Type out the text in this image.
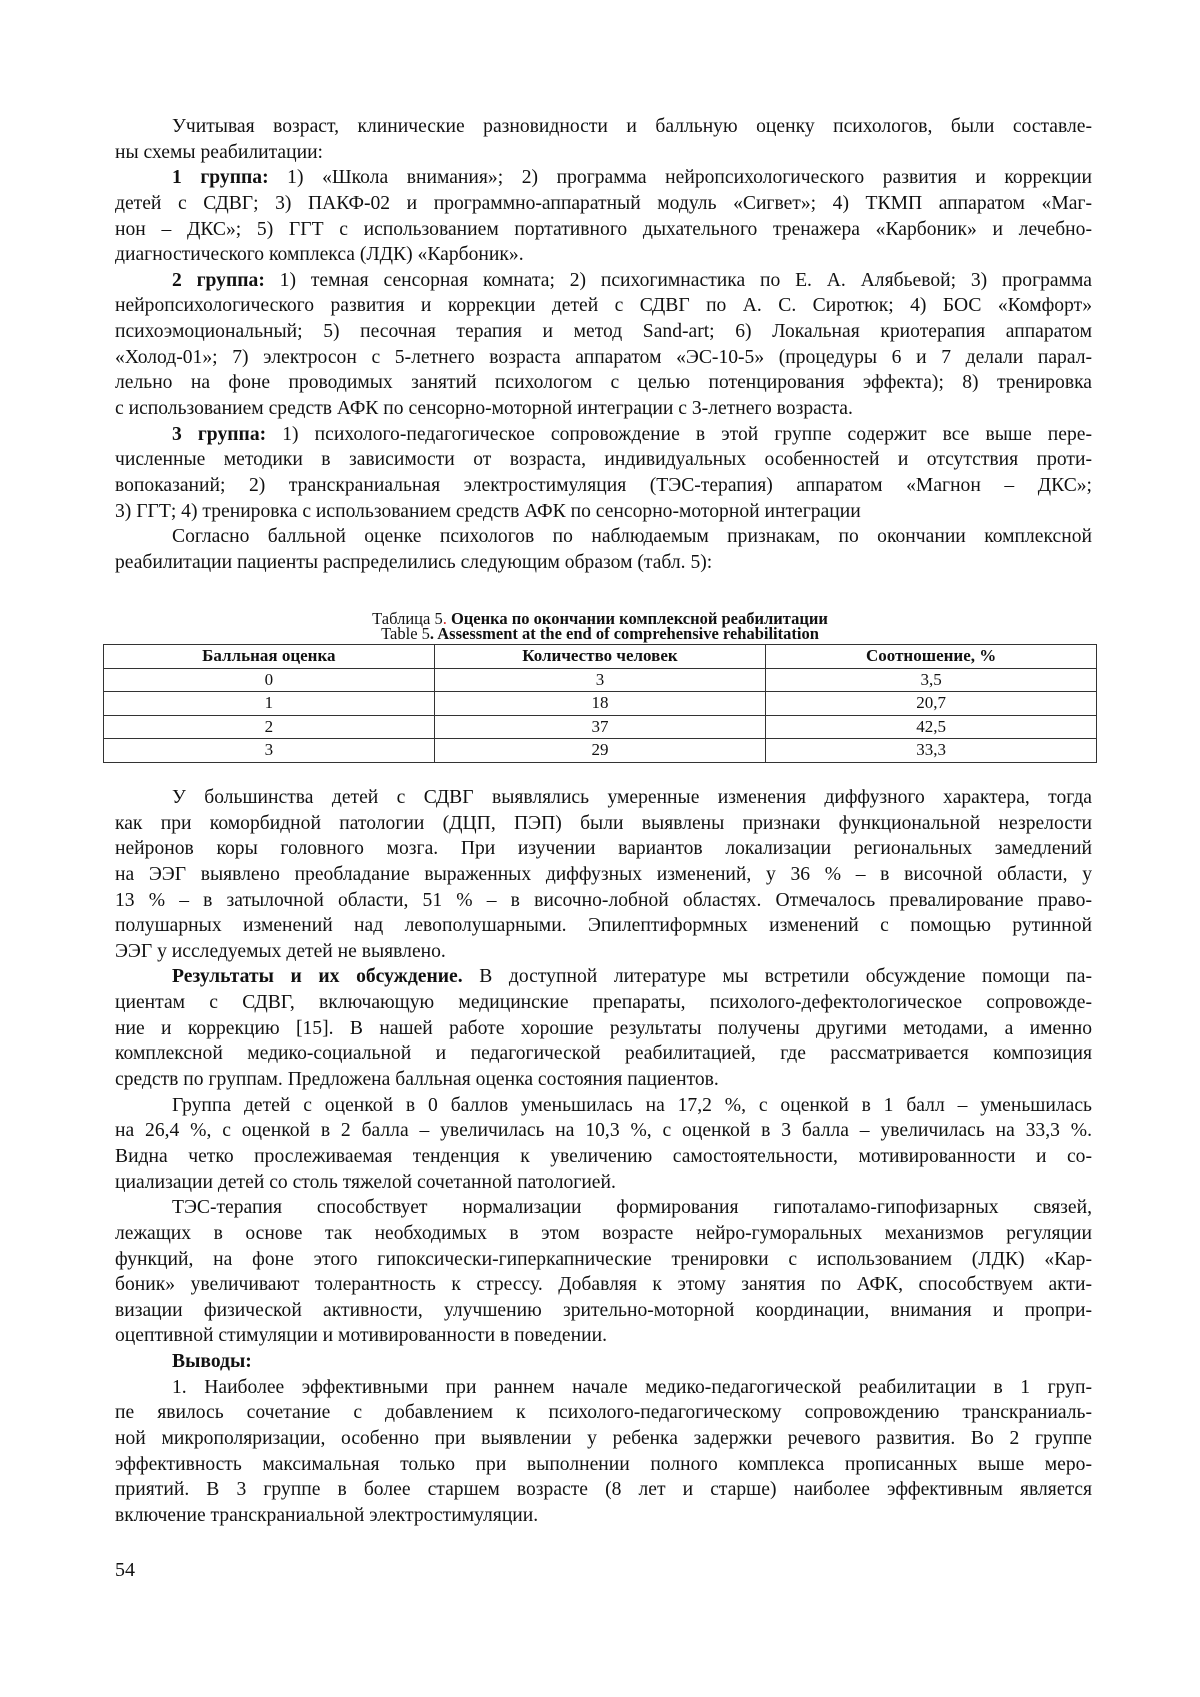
Учитывая возраст, клинические разновидности и балльную оценку психологов, были составле-
ны схемы реабилитации:
1 группа: 1) «Школа внимания»; 2) программа нейропсихологического развития и коррекции
детей с СДВГ; 3) ПАКФ-02 и программно-аппаратный модуль «Сигвет»; 4) ТКМП аппаратом «Маг-
нон – ДКС»; 5) ГГТ с использованием портативного дыхательного тренажера «Карбоник» и лечебно-
диагностического комплекса (ЛДК) «Карбоник».
2 группа: 1) темная сенсорная комната; 2) психогимнастика по Е. А. Алябьевой; 3) программа
нейропсихологического развития и коррекции детей с СДВГ по А. С. Сиротюк; 4) БОС «Комфорт»
психоэмоциональный; 5) песочная терапия и метод Sand-art; 6) Локальная криотерапия аппаратом
«Холод-01»; 7) электросон с 5-летнего возраста аппаратом «ЭС-10-5» (процедуры 6 и 7 делали парал-
лельно на фоне проводимых занятий психологом с целью потенцирования эффекта); 8) тренировка
с использованием средств АФК по сенсорно-моторной интеграции с 3-летнего возраста.
3 группа: 1) психолого-педагогическое сопровождение в этой группе содержит все выше пере-
численные методики в зависимости от возраста, индивидуальных особенностей и отсутствия проти-
вопоказаний; 2) транскраниальная электростимуляция (ТЭС-терапия) аппаратом «Магнон – ДКС»;
3) ГГТ; 4) тренировка с использованием средств АФК по сенсорно-моторной интеграции
Согласно балльной оценке психологов по наблюдаемым признакам, по окончании комплексной
реабилитации пациенты распределились следующим образом (табл. 5):
Таблица 5. Оценка по окончании комплексной реабилитации
Table 5. Assessment at the end of comprehensive rehabilitation
Балльная оценка	Количество человек	Соотношение, %
0	3	3,5
1	18	20,7
2	37	42,5
3	29	33,3
У большинства детей с СДВГ выявлялись умеренные изменения диффузного характера, тогда
как при коморбидной патологии (ДЦП, ПЭП) были выявлены признаки функциональной незрелости
нейронов коры головного мозга. При изучении вариантов локализации региональных замедлений
на ЭЭГ выявлено преобладание выраженных диффузных изменений, у 36 % – в височной области, у
13 % – в затылочной области, 51 % – в височно-лобной областях. Отмечалось превалирование право-
полушарных изменений над левополушарными. Эпилептиформных изменений с помощью рутинной
ЭЭГ у исследуемых детей не выявлено.
Результаты и их обсуждение. В доступной литературе мы встретили обсуждение помощи па-
циентам с СДВГ, включающую медицинские препараты, психолого-дефектологическое сопровожде-
ние и коррекцию [15]. В нашей работе хорошие результаты получены другими методами, а именно
комплексной медико-социальной и педагогической реабилитацией, где рассматривается композиция
средств по группам. Предложена балльная оценка состояния пациентов.
Группа детей с оценкой в 0 баллов уменьшилась на 17,2 %, с оценкой в 1 балл – уменьшилась
на 26,4 %, с оценкой в 2 балла – увеличилась на 10,3 %, с оценкой в 3 балла – увеличилась на 33,3 %.
Видна четко прослеживаемая тенденция к увеличению самостоятельности, мотивированности и со-
циализации детей со столь тяжелой сочетанной патологией.
ТЭС-терапия способствует нормализации формирования гипоталамо-гипофизарных связей,
лежащих в основе так необходимых в этом возрасте нейро-гуморальных механизмов регуляции
функций, на фоне этого гипоксически-гиперкапнические тренировки с использованием (ЛДК) «Кар-
боник» увеличивают толерантность к стрессу. Добавляя к этому занятия по АФК, способствуем акти-
визации физической активности, улучшению зрительно-моторной координации, внимания и пропри-
оцептивной стимуляции и мотивированности в поведении.
Выводы:
1. Наиболее эффективными при раннем начале медико-педагогической реабилитации в 1 груп-
пе явилось сочетание с добавлением к психолого-педагогическому сопровождению транскраниаль-
ной микрополяризации, особенно при выявлении у ребенка задержки речевого развития. Во 2 группе
эффективность максимальная только при выполнении полного комплекса прописанных выше меро-
приятий. В 3 группе в более старшем возрасте (8 лет и старше) наиболее эффективным является
включение транскраниальной электростимуляции.
54
